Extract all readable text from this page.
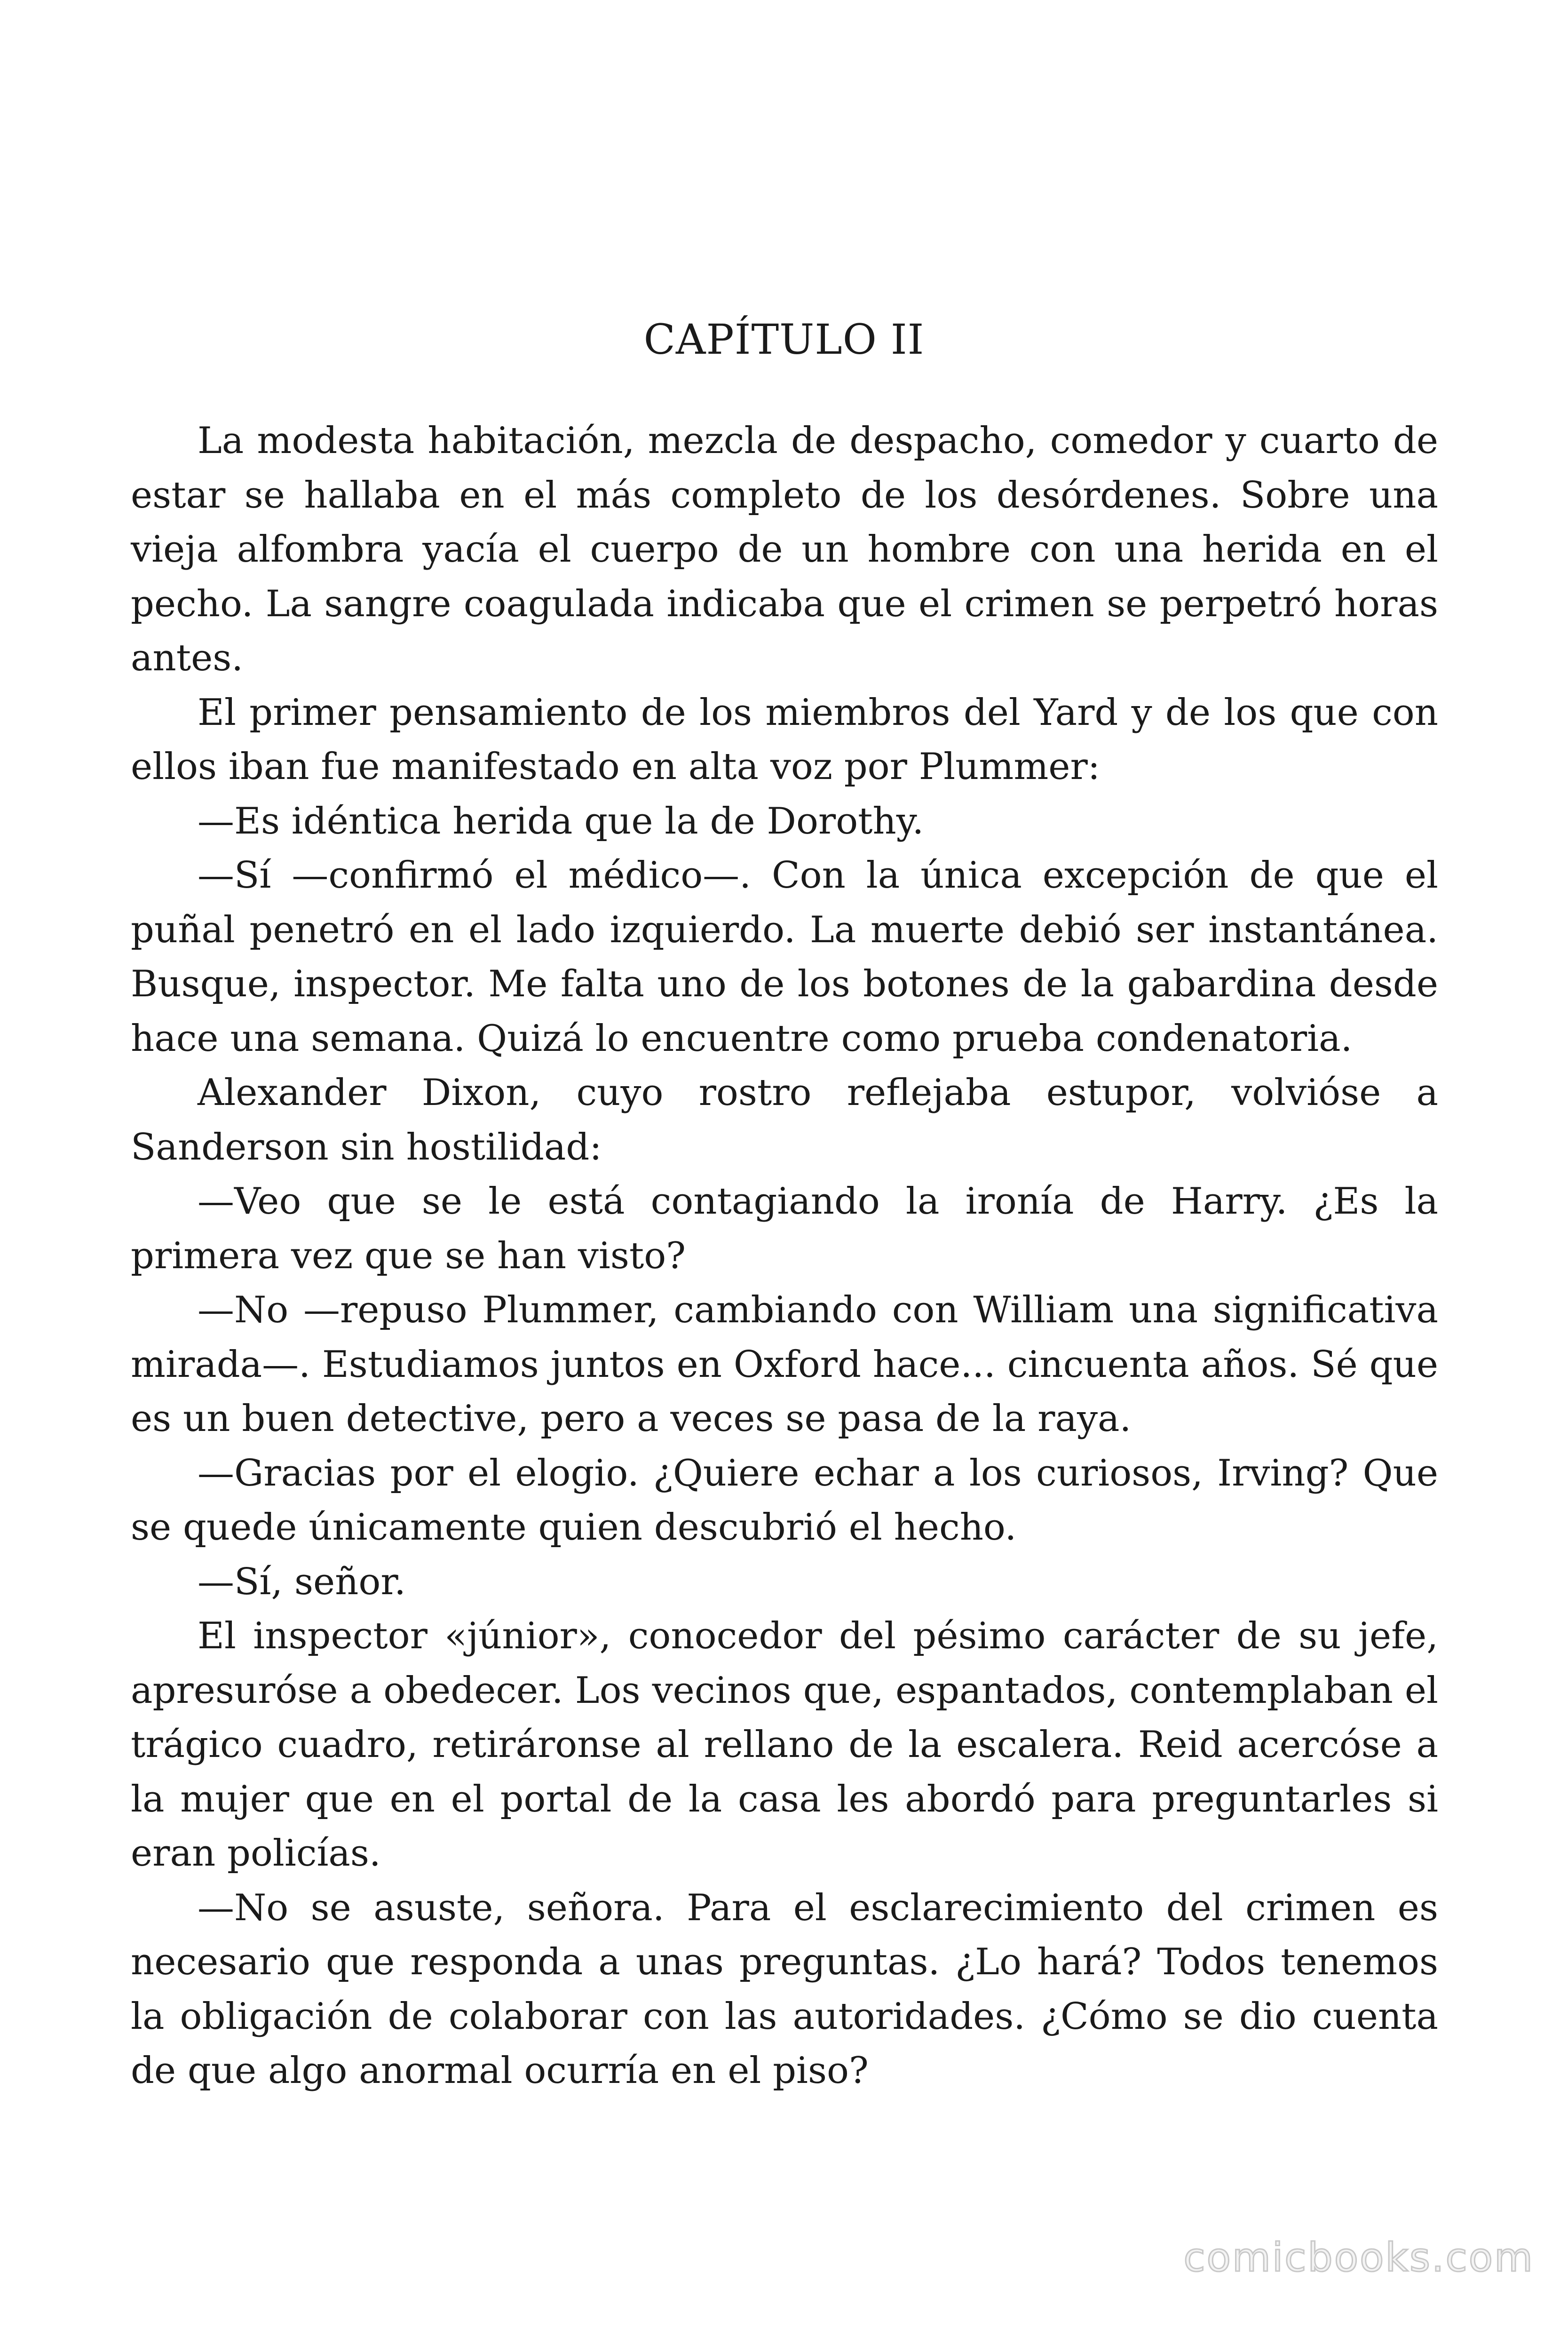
CAPÍTULO II

La modesta habitación, mezcla de despacho, comedor y cuarto de estar se hallaba en el más completo de los desórdenes. Sobre una vieja alfombra yacía el cuerpo de un hombre con una herida en el pecho. La sangre coagulada indicaba que el crimen se perpetró horas antes.

El primer pensamiento de los miembros del Yard y de los que con ellos iban fue manifestado en alta voz por Plummer:

—Es idéntica herida que la de Dorothy.

—Sí —confirmó el médico—. Con la única excepción de que el puñal penetró en el lado izquierdo. La muerte debió ser instantánea. Busque, inspector. Me falta uno de los botones de la gabardina desde hace una semana. Quizá lo encuentre como prueba condenatoria.

Alexander Dixon, cuyo rostro reflejaba estupor, volvióse a Sanderson sin hostilidad:

—Veo que se le está contagiando la ironía de Harry. ¿Es la primera vez que se han visto?

—No —repuso Plummer, cambiando con William una significativa mirada—. Estudiamos juntos en Oxford hace... cincuenta años. Sé que es un buen detective, pero a veces se pasa de la raya.

—Gracias por el elogio. ¿Quiere echar a los curiosos, Irving? Que se quede únicamente quien descubrió el hecho.

—Sí, señor.

El inspector «júnior», conocedor del pésimo carácter de su jefe, apresuróse a obedecer. Los vecinos que, espantados, contemplaban el trágico cuadro, retiráronse al rellano de la escalera. Reid acercóse a la mujer que en el portal de la casa les abordó para preguntarles si eran policías.

—No se asuste, señora. Para el esclarecimiento del crimen es necesario que responda a unas preguntas. ¿Lo hará? Todos tenemos la obligación de colaborar con las autoridades. ¿Cómo se dio cuenta de que algo anormal ocurría en el piso?

comicbooks.com
